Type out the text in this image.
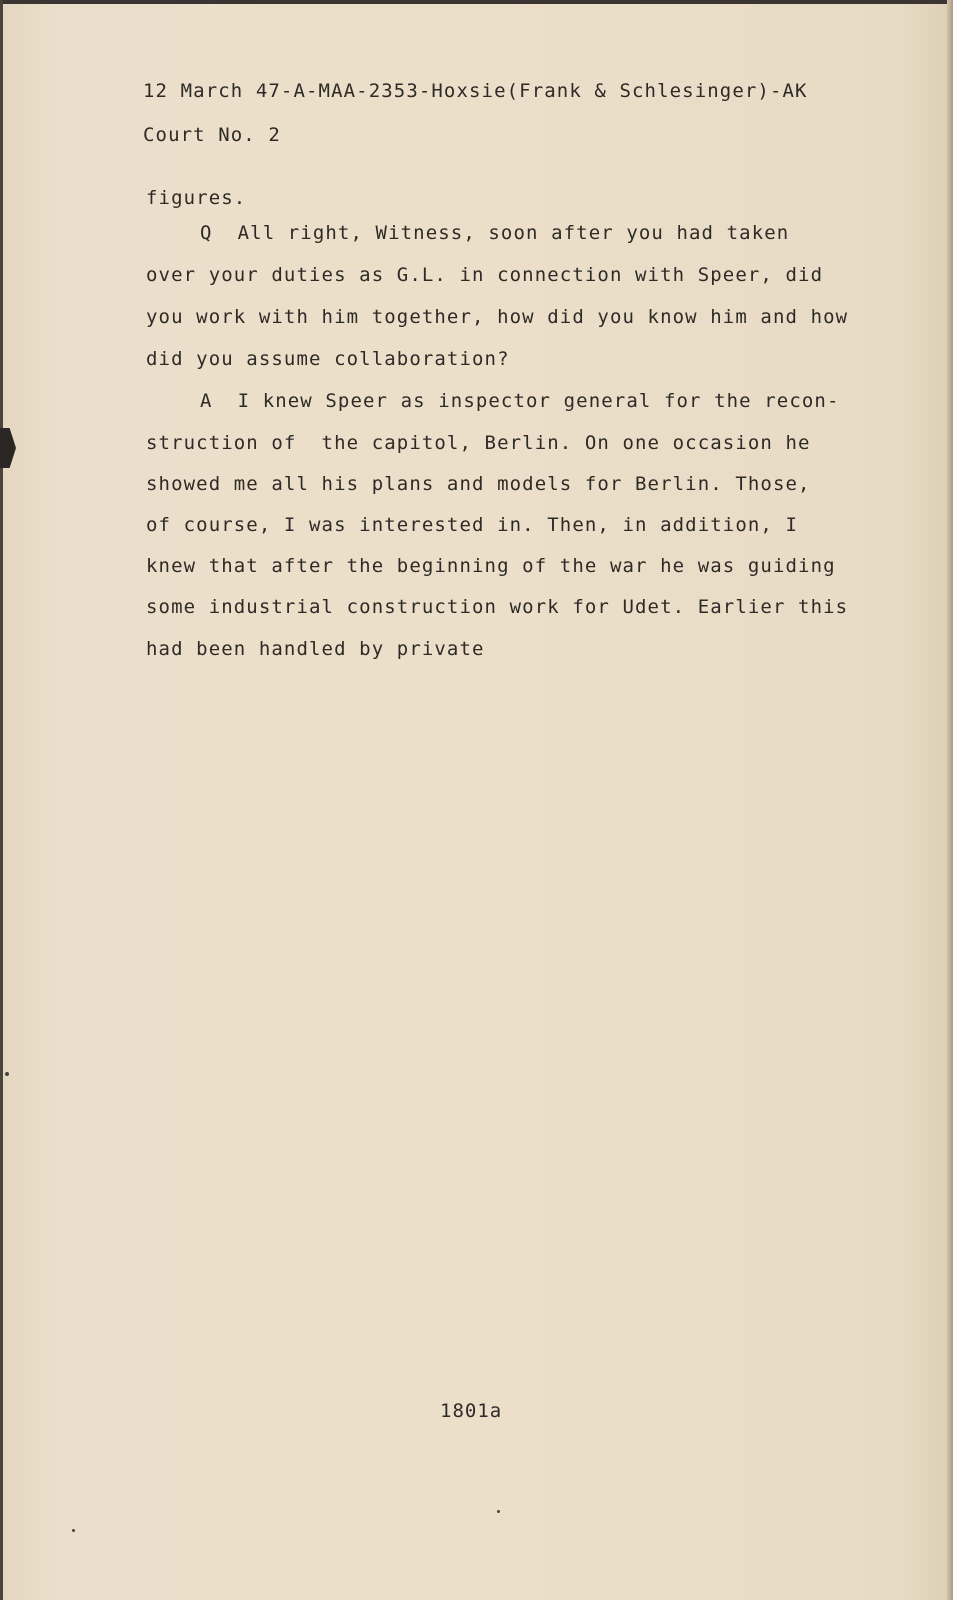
12 March 47-A-MAA-2353-Hoxsie(Frank & Schlesinger)-AK
Court No. 2
figures.
Q  All right, Witness, soon after you had taken
over your duties as G.L. in connection with Speer, did
you work with him together, how did you know him and how
did you assume collaboration?
A  I knew Speer as inspector general for the recon-
struction of  the capitol, Berlin. On one occasion he
showed me all his plans and models for Berlin. Those,
of course, I was interested in. Then, in addition, I
knew that after the beginning of the war he was guiding
some industrial construction work for Udet. Earlier this
had been handled by private
1801a
